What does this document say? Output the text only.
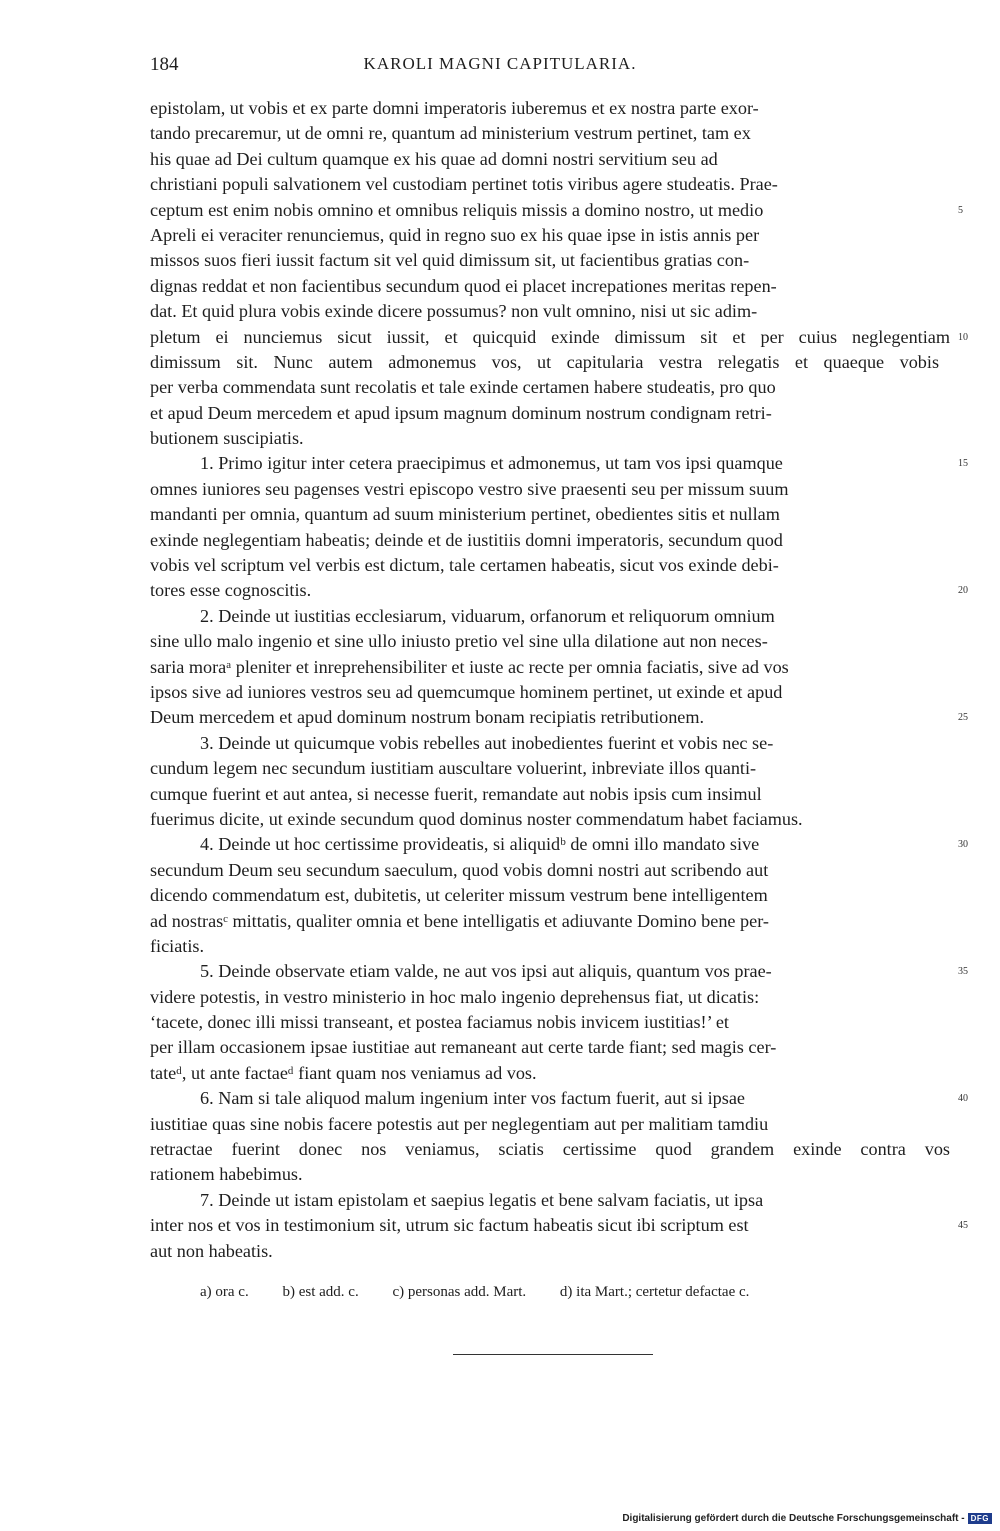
184	KAROLI MAGNI CAPITULARIA.
epistolam, ut vobis et ex parte domni imperatoris iuberemus et ex nostra parte exor-
tando precaremur, ut de omni re, quantum ad ministerium vestrum pertinet, tam ex
his quae ad Dei cultum quamque ex his quae ad domni nostri servitium seu ad
christiani populi salvationem vel custodiam pertinet totis viribus agere studeatis. Prae-
ceptum est enim nobis omnino et omnibus reliquis missis a domino nostro, ut medio	5
Apreli ei veraciter renunciemus, quid in regno suo ex his quae ipse in istis annis per
missos suos fieri iussit factum sit vel quid dimissum sit, ut facientibus gratias con-
dignas reddat et non facientibus secundum quod ei placet increpationes meritas repen-
dat. Et quid plura vobis exinde dicere possumus? non vult omnino, nisi ut sic adim-
pletum ei nunciemus sicut iussit, et quicquid exinde dimissum sit et per cuius neglegentiam 10
dimissum sit. Nunc autem admonemus vos, ut capitularia vestra relegatis et quaeque vobis
per verba commendata sunt recolatis et tale exinde certamen habere studeatis, pro quo
et apud Deum mercedem et apud ipsum magnum dominum nostrum condignam retri-
butionem suscipiatis.
1. Primo igitur inter cetera praecipimus et admonemus, ut tam vos ipsi quamque	15
omnes iuniores seu pagenses vestri episcopo vestro sive praesenti seu per missum suum
mandanti per omnia, quantum ad suum ministerium pertinet, obedientes sitis et nullam
exinde neglegentiam habeatis; deinde et de iustitiis domni imperatoris, secundum quod
vobis vel scriptum vel verbis est dictum, tale certamen habeatis, sicut vos exinde debi-
tores esse cognoscitis.	20
2. Deinde ut iustitias ecclesiarum, viduarum, orfanorum et reliquorum omnium
sine ullo malo ingenio et sine ullo iniusto pretio vel sine ulla dilatione aut non neces-
saria moraᵃ pleniter et inreprehensibiliter et iuste ac recte per omnia faciatis, sive ad vos
ipsos sive ad iuniores vestros seu ad quemcumque hominem pertinet, ut exinde et apud
Deum mercedem et apud dominum nostrum bonam recipiatis retributionem.	25
3. Deinde ut quicumque vobis rebelles aut inobedientes fuerint et vobis nec se-
cundum legem nec secundum iustitiam auscultare voluerint, inbreviate illos quanti-
cumque fuerint et aut antea, si necesse fuerit, remandate aut nobis ipsis cum insimul
fuerimus dicite, ut exinde secundum quod dominus noster commendatum habet faciamus.
4. Deinde ut hoc certissime provideatis, si aliquidᵇ de omni illo mandato sive	30
secundum Deum seu secundum saeculum, quod vobis domni nostri aut scribendo aut
dicendo commendatum est, dubitetis, ut celeriter missum vestrum bene intelligentem
ad nostrasᶜ mittatis, qualiter omnia et bene intelligatis et adiuvante Domino bene per-
ficiatis.
5. Deinde observate etiam valde, ne aut vos ipsi aut aliquis, quantum vos prae-	35
videre potestis, in vestro ministerio in hoc malo ingenio deprehensus fiat, ut dicatis:
‘tacete, donec illi missi transeant, et postea faciamus nobis invicem iustitias!’ et
per illam occasionem ipsae iustitiae aut remaneant aut certe tarde fiant; sed magis cer-
tateᵈ, ut ante factaeᵈ fiant quam nos veniamus ad vos.
6. Nam si tale aliquod malum ingenium inter vos factum fuerit, aut si ipsae	40
iustitiae quas sine nobis facere potestis aut per neglegentiam aut per malitiam tamdiu
retractae fuerint donec nos veniamus, sciatis certissime quod grandem exinde contra vos
rationem habebimus.
7. Deinde ut istam epistolam et saepius legatis et bene salvam faciatis, ut ipsa
inter nos et vos in testimonium sit, utrum sic factum habeatis sicut ibi scriptum est	45
aut non habeatis.
a) ora c. b) est add. c. c) personas add. Mart. d) ita Mart.; certetur defactae c.
Digitalisierung gefördert durch die Deutsche Forschungsgemeinschaft - DFG
